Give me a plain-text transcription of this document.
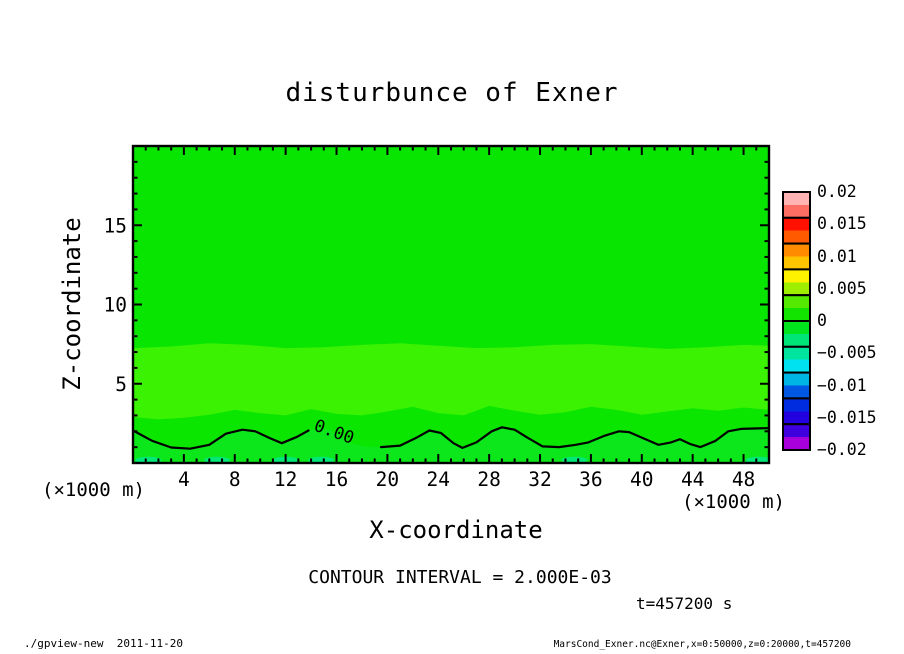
0.00
4 8 12 16 20 24 28 32 36 40 44 48
5
10
15
disturbunce of Exner
Z-coordinate
X-coordinate
(×1000 m)
(×1000 m)
CONTOUR INTERVAL = 2.000E-03
t=457200 s
./gpview-new  2011-11-20	MarsCond_Exner.nc@Exner,x=0:50000,z=0:20000,t=457200
0.02
0.015
0.01
0.005
0
−0.005
−0.01
−0.015
−0.02
